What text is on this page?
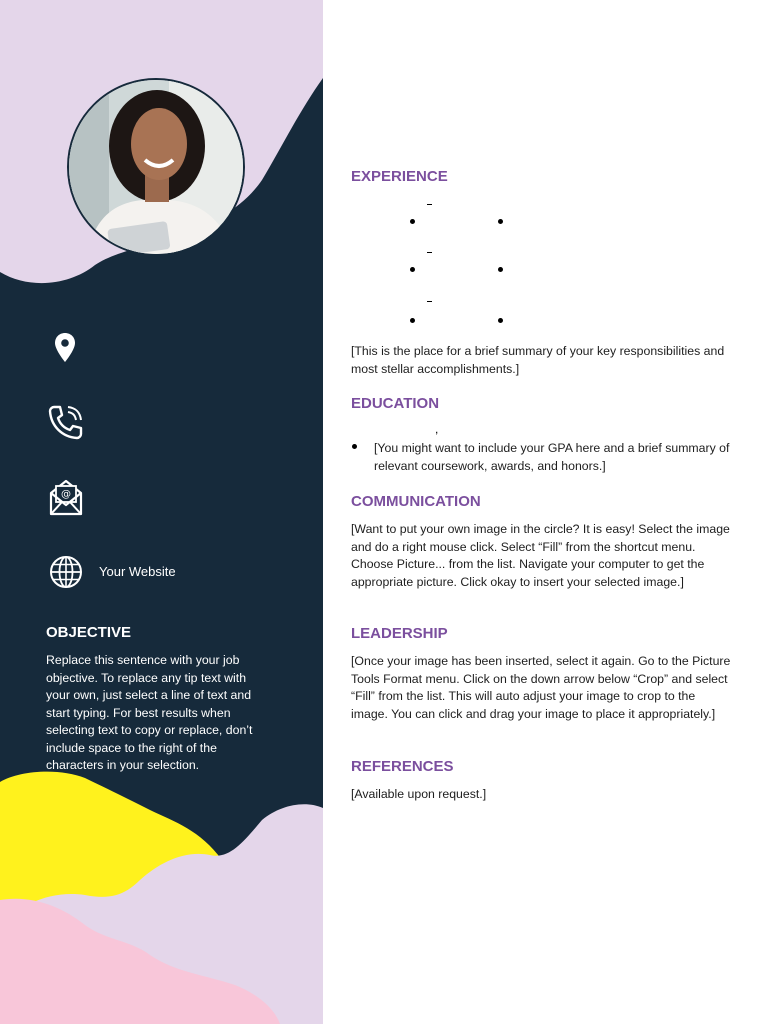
@
Your Website
OBJECTIVE

Replace this sentence with your job objective. To replace any tip text with your own, just select a line of text and start typing. For best results when selecting text to copy or replace, don’t include space to the right of the characters in your selection.

EXPERIENCE

[This is the place for a brief summary of your key responsibilities and most stellar accomplishments.]

EDUCATION
,

[You might want to include your GPA here and a brief summary of relevant coursework, awards, and honors.]

COMMUNICATION

[Want to put your own image in the circle? It is easy! Select the image and do a right mouse click. Select “Fill” from the shortcut menu. Choose Picture... from the list. Navigate your computer to get the appropriate picture. Click okay to insert your selected image.]

LEADERSHIP

[Once your image has been inserted, select it again. Go to the Picture Tools Format menu. Click on the down arrow below “Crop” and select “Fill” from the list. This will auto adjust your image to crop to the image. You can click and drag your image to place it appropriately.]

REFERENCES

[Available upon request.]
